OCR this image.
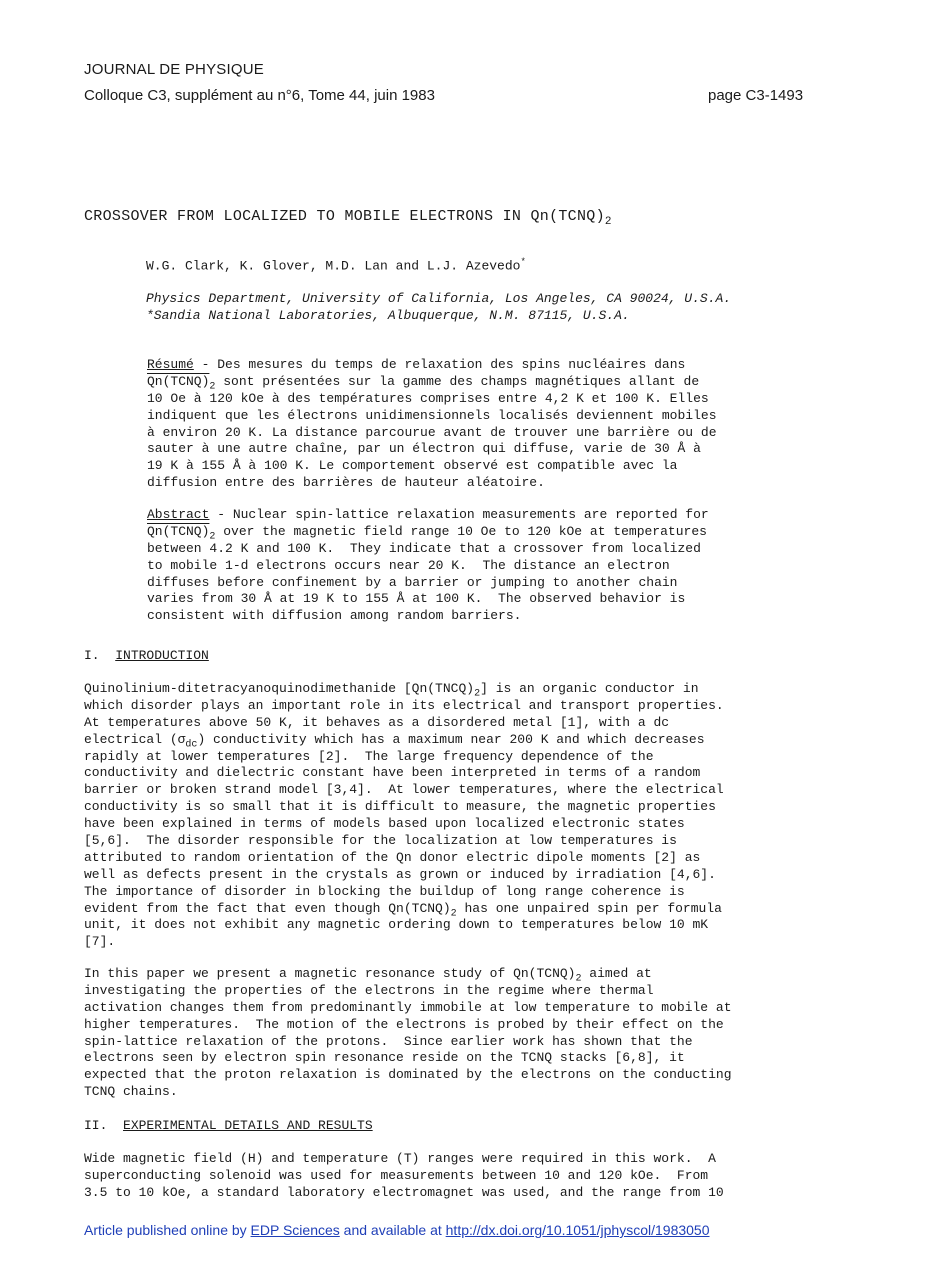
JOURNAL DE PHYSIQUE
Colloque C3, supplément au n°6, Tome 44, juin 1983	page C3-1493
CROSSOVER FROM LOCALIZED TO MOBILE ELECTRONS IN $Qn(TCNQ)_2$
W.G. Clark, K. Glover, M.D. Lan and L.J. Azevedo*
Physics Department, University of California, Los Angeles, CA 90024, U.S.A.
*Sandia National Laboratories, Albuquerque, N.M. 87115, U.S.A.
Résumé - Des mesures du temps de relaxation des spins nucléaires dans
$Qn(TCNQ)_2$ sont présentées sur la gamme des champs magnétiques allant de
10 Oe à 120 kOe à des températures comprises entre 4,2 K et 100 K. Elles
indiquent que les électrons unidimensionnels localisés deviennent mobiles
à environ 20 K. La distance parcourue avant de trouver une barrière ou de
sauter à une autre chaîne, par un électron qui diffuse, varie de 30 Å à
19 K à 155 Å à 100 K. Le comportement observé est compatible avec la
diffusion entre des barrières de hauteur aléatoire.
Abstract - Nuclear spin-lattice relaxation measurements are reported for
$Qn(TCNQ)_2$ over the magnetic field range 10 Oe to 120 kOe at temperatures
between 4.2 K and 100 K.  They indicate that a crossover from localized
to mobile 1-d electrons occurs near 20 K.  The distance an electron
diffuses before confinement by a barrier or jumping to another chain
varies from 30 Å at 19 K to 155 Å at 100 K.  The observed behavior is
consistent with diffusion among random barriers.
I.  INTRODUCTION
Quinolinium-ditetracyanoquinodimethanide $[Qn(TNCQ)_2]$ is an organic conductor in
which disorder plays an important role in its electrical and transport properties.
At temperatures above 50 K, it behaves as a disordered metal [1], with a dc
electrical $(\sigma_{dc})$ conductivity which has a maximum near 200 K and which decreases
rapidly at lower temperatures [2].  The large frequency dependence of the
conductivity and dielectric constant have been interpreted in terms of a random
barrier or broken strand model [3,4].  At lower temperatures, where the electrical
conductivity is so small that it is difficult to measure, the magnetic properties
have been explained in terms of models based upon localized electronic states
[5,6].  The disorder responsible for the localization at low temperatures is
attributed to random orientation of the Qn donor electric dipole moments [2] as
well as defects present in the crystals as grown or induced by irradiation [4,6].
The importance of disorder in blocking the buildup of long range coherence is
evident from the fact that even though $Qn(TCNQ)_2$ has one unpaired spin per formula
unit, it does not exhibit any magnetic ordering down to temperatures below 10 mK
[7].
In this paper we present a magnetic resonance study of $Qn(TCNQ)_2$ aimed at
investigating the properties of the electrons in the regime where thermal
activation changes them from predominantly immobile at low temperature to mobile at
higher temperatures.  The motion of the electrons is probed by their effect on the
spin-lattice relaxation of the protons.  Since earlier work has shown that the
electrons seen by electron spin resonance reside on the TCNQ stacks [6,8], it
expected that the proton relaxation is dominated by the electrons on the conducting
TCNQ chains.
II.  EXPERIMENTAL DETAILS AND RESULTS
Wide magnetic field (H) and temperature (T) ranges were required in this work.  A
superconducting solenoid was used for measurements between 10 and 120 kOe.  From
3.5 to 10 kOe, a standard laboratory electromagnet was used, and the range from 10
Article published online by EDP Sciences and available at http://dx.doi.org/10.1051/jphyscol/1983050
